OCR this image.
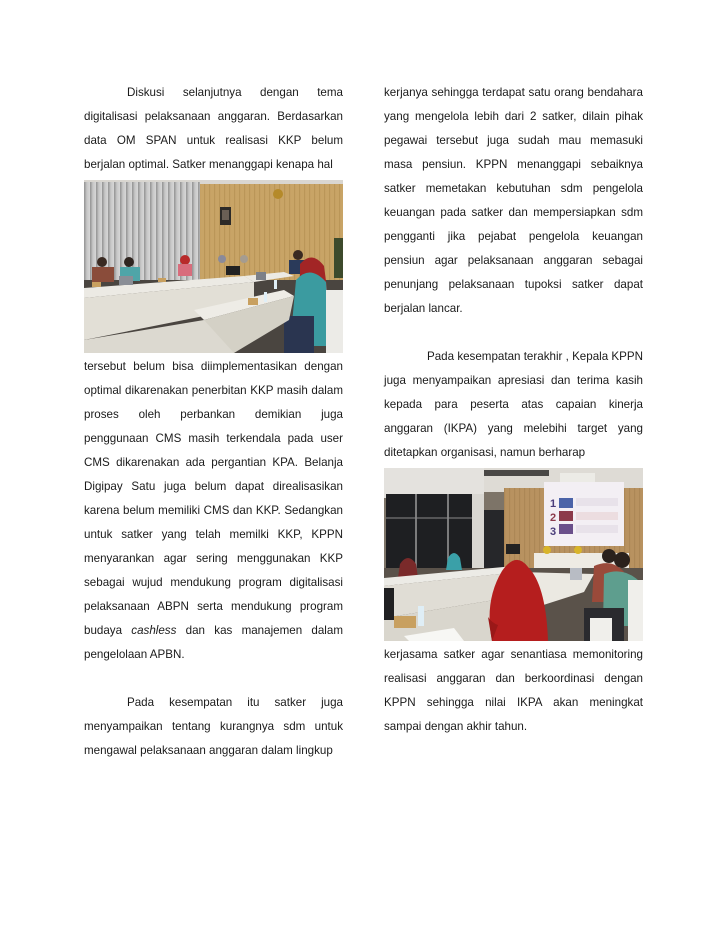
Diskusi selanjutnya dengan tema digitalisasi pelaksanaan anggaran. Berdasarkan data OM SPAN untuk realisasi KKP belum berjalan optimal. Satker menanggapi kenapa hal

tersebut belum bisa diimplementasikan dengan optimal dikarenakan penerbitan KKP masih dalam proses oleh perbankan demikian juga penggunaan CMS masih terkendala pada user CMS dikarenakan ada pergantian KPA. Belanja Digipay Satu juga belum dapat direalisasikan karena belum memiliki CMS dan KKP. Sedangkan untuk satker yang telah memilki KKP, KPPN menyarankan agar sering menggunakan KKP sebagai wujud mendukung program digitalisasi pelaksanaan ABPN serta mendukung program budaya cashless dan kas manajemen dalam pengelolaan APBN.

Pada kesempatan itu satker juga menyampaikan tentang kurangnya sdm untuk mengawal pelaksanaan anggaran dalam lingkup

kerjanya sehingga terdapat satu orang bendahara yang mengelola lebih dari 2 satker, dilain pihak pegawai tersebut juga sudah mau memasuki masa pensiun. KPPN menanggapi sebaiknya satker memetakan kebutuhan sdm pengelola keuangan pada satker dan mempersiapkan sdm pengganti jika pejabat pengelola keuangan pensiun agar pelaksanaan anggaran sebagai penunjang pelaksanaan tupoksi satker dapat berjalan lancar.

Pada kesempatan terakhir , Kepala KPPN juga menyampaikan apresiasi dan terima kasih kepada para peserta atas capaian kinerja anggaran (IKPA) yang melebihi target yang ditetapkan organisasi, namun berharap

1
2
3

kerjasama satker agar senantiasa memonitoring realisasi anggaran dan berkoordinasi dengan KPPN sehingga nilai IKPA akan meningkat sampai dengan akhir tahun.
